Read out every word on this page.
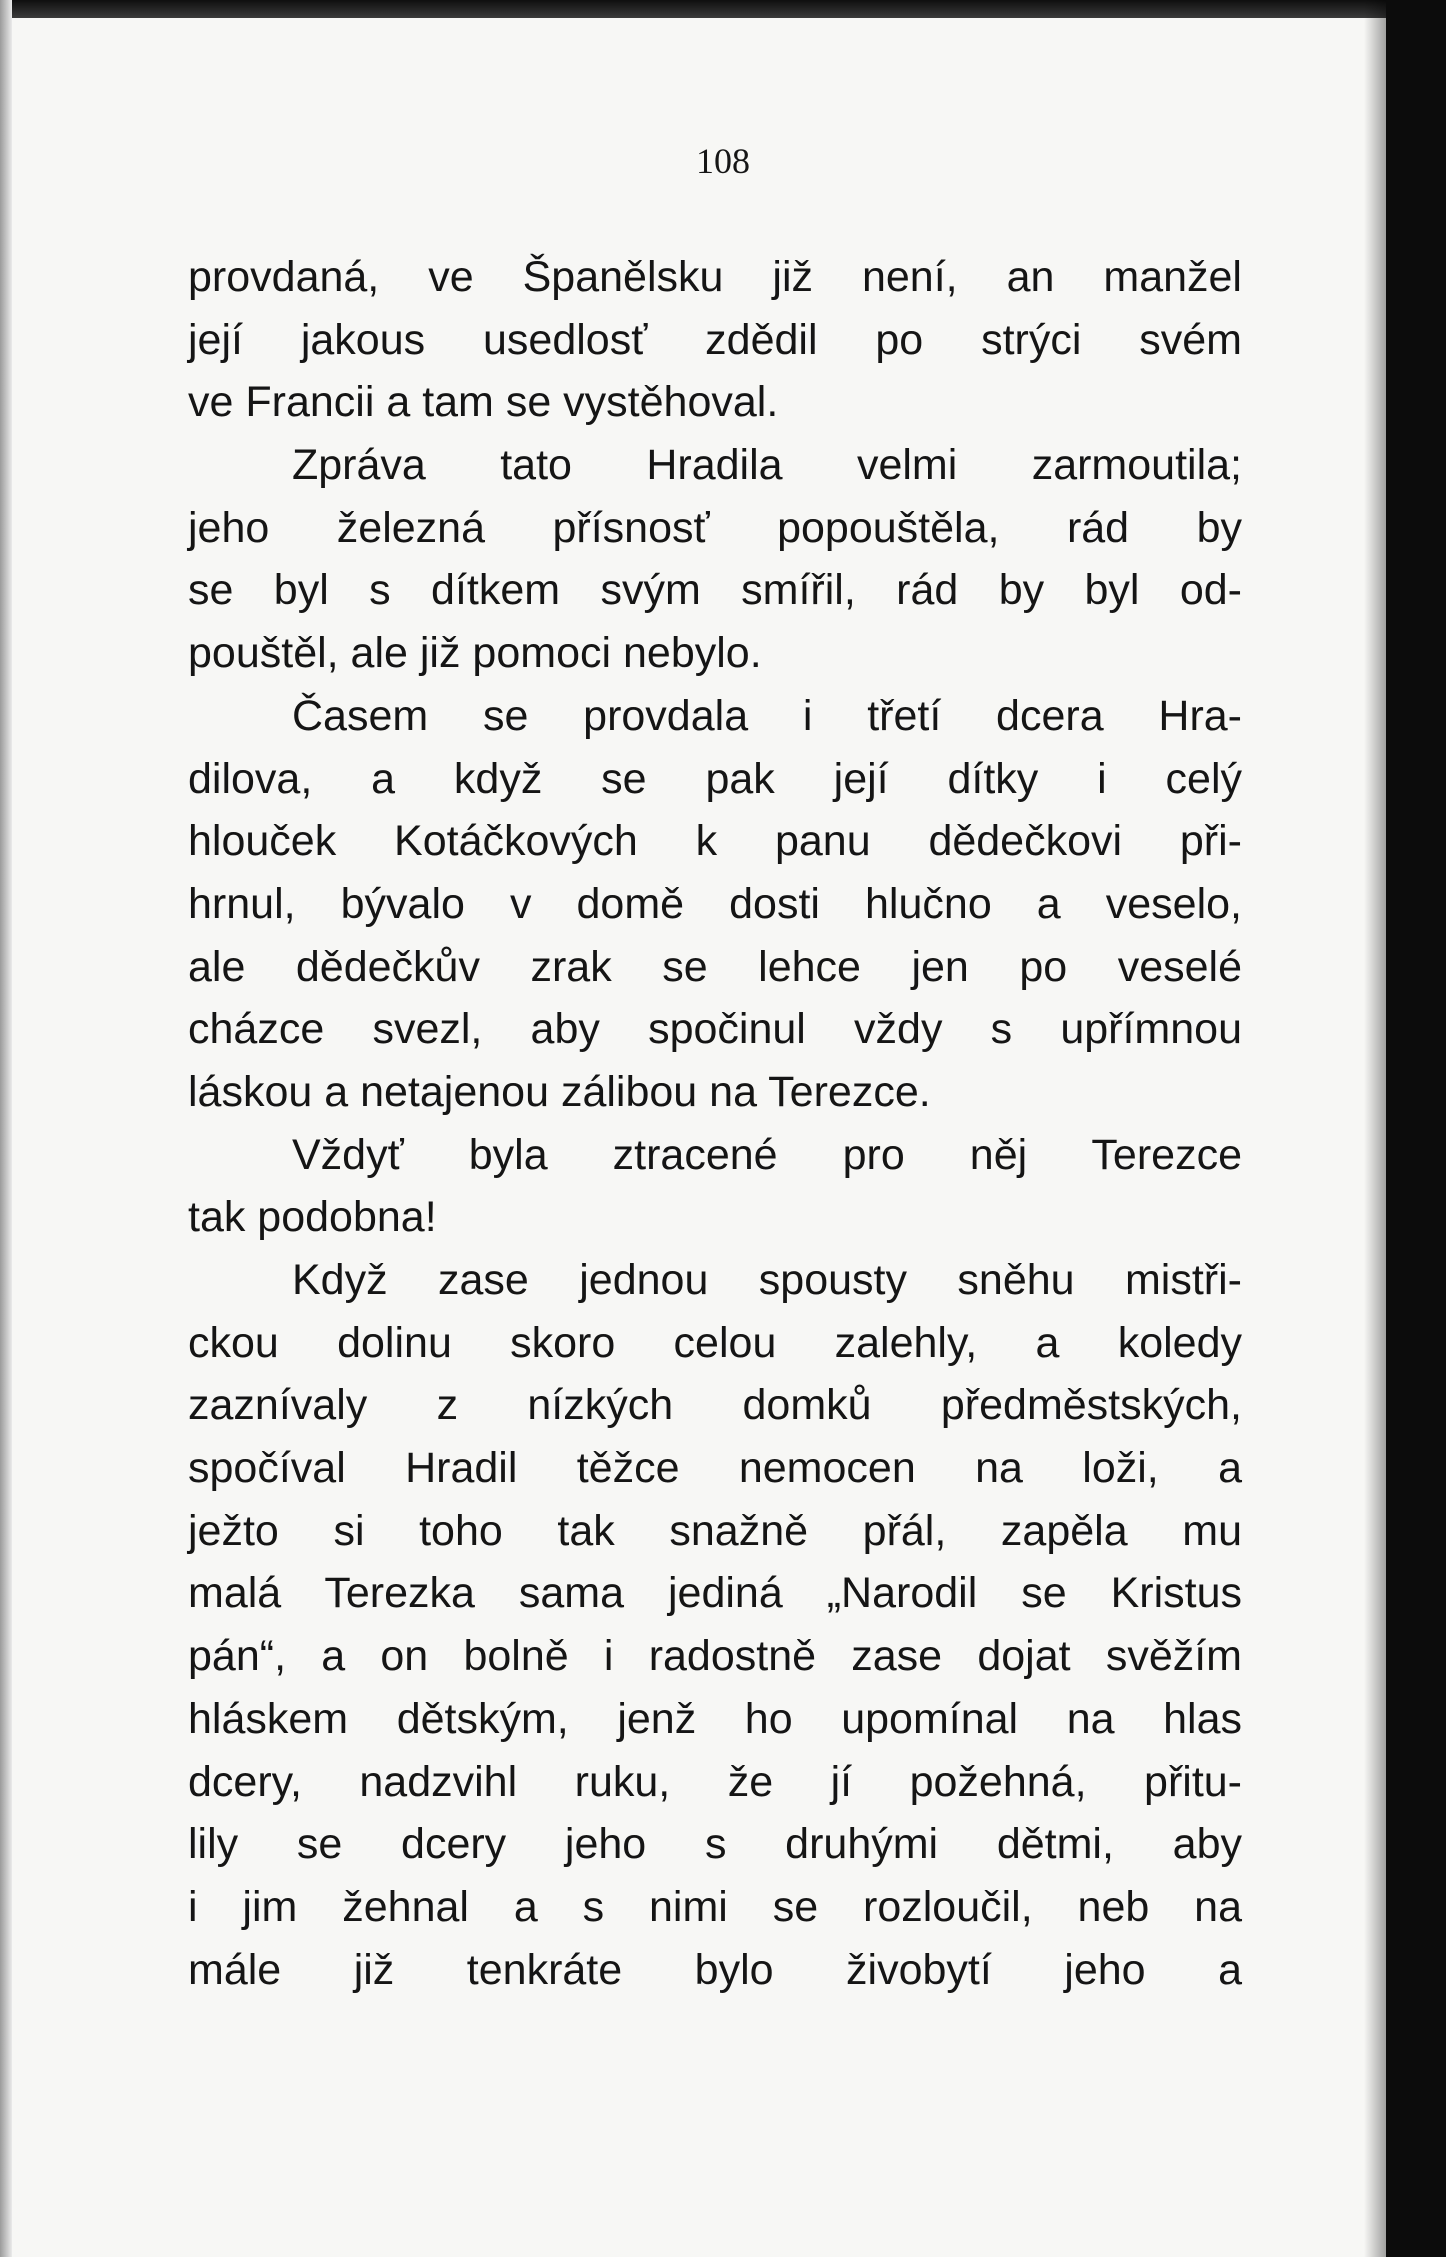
108
provdaná, ve Španělsku již není, an manžel
její jakous usedlosť zdědil po strýci svém
ve Francii a tam se vystěhoval.
Zpráva tato Hradila velmi zarmoutila;
jeho železná přísnosť popouštěla, rád by
se byl s dítkem svým smířil, rád by byl od-
pouštěl, ale již pomoci nebylo.
Časem se provdala i třetí dcera Hra-
dilova, a když se pak její dítky i celý
hlouček Kotáčkových k panu dědečkovi při-
hrnul, bývalo v domě dosti hlučno a veselo,
ale dědečkův zrak se lehce jen po veselé
cházce svezl, aby spočinul vždy s upřímnou
láskou a netajenou zálibou na Terezce.
Vždyť byla ztracené pro něj Terezce
tak podobna!
Když zase jednou spousty sněhu mistři-
ckou dolinu skoro celou zalehly, a koledy
zaznívaly z nízkých domků předměstských,
spočíval Hradil těžce nemocen na loži, a
ježto si toho tak snažně přál, zapěla mu
malá Terezka sama jediná „Narodil se Kristus
pán“, a on bolně i radostně zase dojat svěžím
hláskem dětským, jenž ho upomínal na hlas
dcery, nadzvihl ruku, že jí požehná, přitu-
lily se dcery jeho s druhými dětmi, aby
i jim žehnal a s nimi se rozloučil, neb na
mále již tenkráte bylo živobytí jeho a
